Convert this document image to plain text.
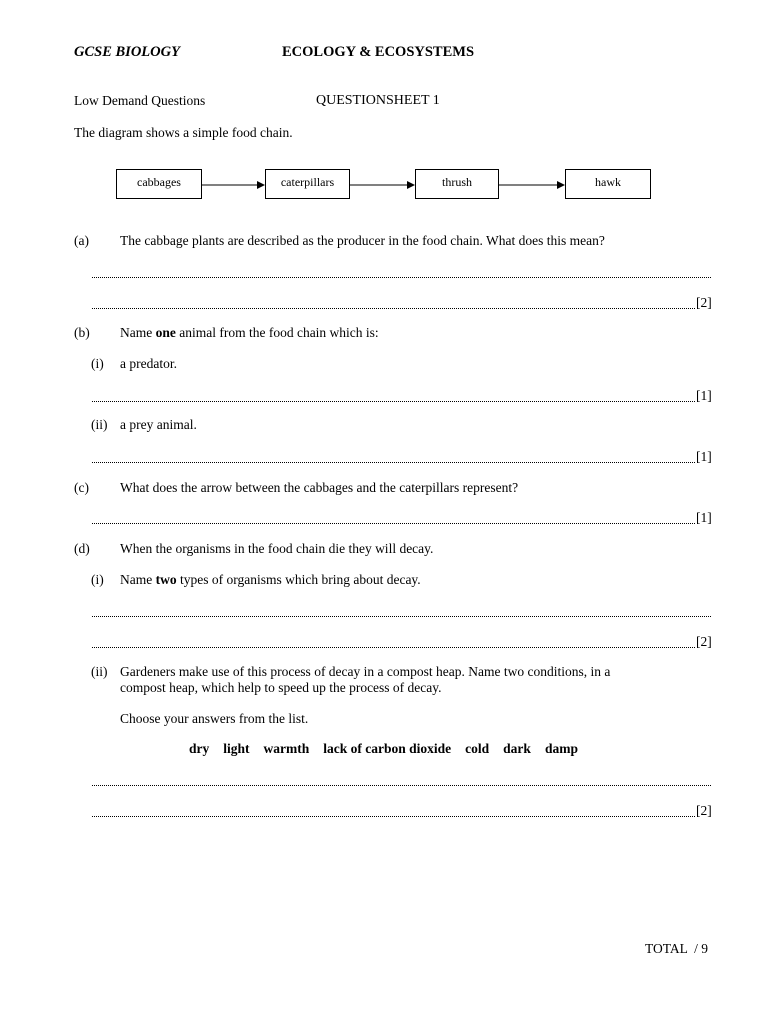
GCSE BIOLOGY	ECOLOGY & ECOSYSTEMS
Low Demand Questions	QUESTIONSHEET 1
The diagram shows a simple food chain.
cabbages	caterpillars	thrush	hawk
(a) The cabbage plants are described as the producer in the food chain. What does this mean?
[2]
(b) Name one animal from the food chain which is:
(i) a predator.
[1]
(ii) a prey animal.
[1]
(c) What does the arrow between the cabbages and the caterpillars represent?
[1]
(d) When the organisms in the food chain die they will decay.
(i) Name two types of organisms which bring about decay.
[2]
(ii) Gardeners make use of this process of decay in a compost heap. Name two conditions, in a
compost heap, which help to speed up the process of decay.
Choose your answers from the list.
dry light warmth lack of carbon dioxide cold dark damp
[2]
TOTAL  / 9
